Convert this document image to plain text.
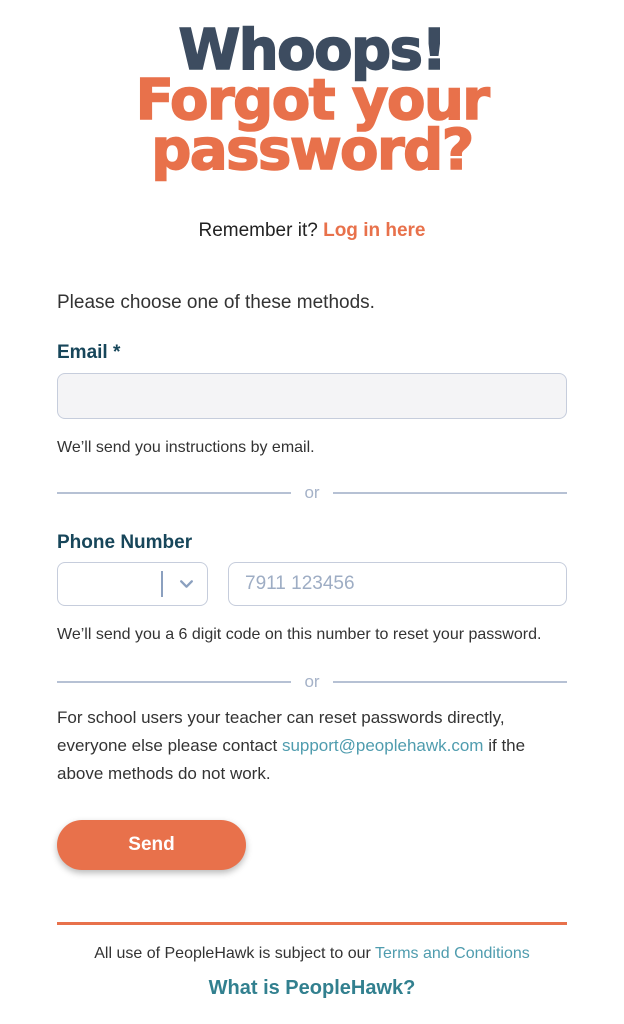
Whoops!
Forgot your
password?

Remember it? Log in here

Please choose one of these methods.

Email *

We’ll send you instructions by email.

or
Phone Number
7911 123456

We’ll send you a 6 digit code on this number to reset your password.

or

For school users your teacher can reset passwords directly, everyone else please contact support@peoplehawk.com if the above methods do not work.

Send

All use of PeopleHawk is subject to our Terms and Conditions

What is PeopleHawk?
